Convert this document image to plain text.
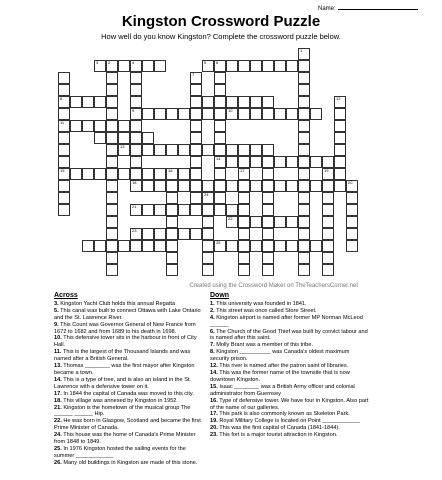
Name:
Kingston Crossword Puzzle
How well do you know Kingston? Complete the crossword puzzle below.
1
2
3	4
9
5 6
14
8
11
15
7
10
12
13
16	17
18
19
20
21
22
23
24
25
Created using the Crossword Maker on TheTeachersCorner.net
Across

3. Kingston Yacht Club holds this annual Regatta

5. This canal was built to connect Ottawa with Lake Ontario and the St. Lawrence River.

9. This Count was Governor General of New France from 1672 to 1682 and from 1689 to his death in 1698.

10. This defensive tower sits in the harbour in front of City Hall.

11. This is the largest of the Thousand Islands and was named after a British General.

13. Thomas ________ was the first mayor after Kingston became a town.

14. This is a type of tree, and is also an island in the St. Lawrence with a defensive tower on it.

17. In 1844 the capital of Canada was moved to this city.

18. This village was annexed by Kingston in 1952.

21. Kingston is the hometown of the musical group The ______ ______ Hip.

22. He was born in Glasgow, Scotland and became the first Prime Minister of Canada.

24. This house was the home of Canada's Prime Minister from 1848 to 1849.

25. In 1976 Kingston hosted the sailing events for the summer ____________

26. Many old buildings in Kingston are made of this stone.

Down

1. This university was founded in 1841.

2. This street was once called Store Street.

4. Kingston airport is named after former MP Norman McLeod ______

6. The Church of the Good Thief was built by convict labour and is named after this saint.

7. Molly Brant was a member of this tribe.

8. Kingston __________ was Canada's oldest maximum security prison.

12. This river is named after the patron saint of libraries.

14. This was the former name of the townsite that is now downtown Kingston.

15. Isaac ________ was a British Army officer and colonial administrator from Guernsey

16. Type of defensive tower. We have four in Kingston. Also part of the name of our galleries.

17. This park is also commonly known as Skeleton Park.

19. Royal Military College is located on Point ____________

20. This was the first capital of Canada (1841-1844).

23. This fort is a major tourist attraction in Kingston.
